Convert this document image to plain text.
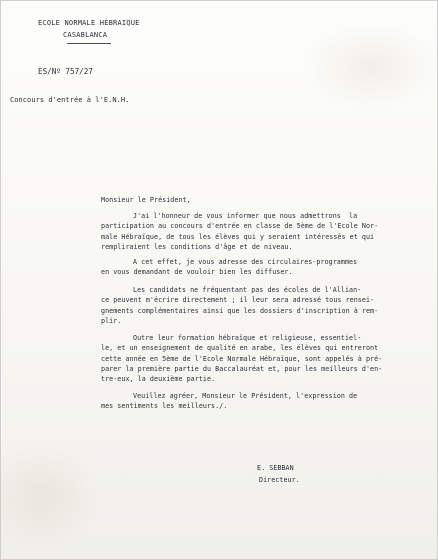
ECOLE NORMALE HÉBRAIQUE

CASABLANCA

ES/Nº 757/27

Concours d'entrée à l'E.N.H.

Monsieur le Président,

J'ai l'honneur de vous informer que nous admettrons  la
participation au concours d'entrée en classe de 5ème de l'Ecole Nor-
male Hébraïque, de tous les élèves qui y seraient intéressés et qui
rempliraient les conditions d'âge et de niveau.
A cet effet, je vous adresse des circulaires-programmes
en vous demandant de vouloir bien les diffuser.
Les candidats ne fréquentant pas des écoles de l'Allian-
ce peuvent m'écrire directement ; il leur sera adressé tous rensei-
gnements complémentaires ainsi que les dossiers d'inscription à rem-
plir.
Outre leur formation hébraïque et religieuse, essentiel-
le, et un enseignement de qualité en arabe, les élèves qui entreront
cette année en 5ème de l'Ecole Normale Hébraïque, sont appelés à pré-
parer la première partie du Baccalauréat et, pour les meilleurs d'en-
tre-eux, la deuxième partie.
Veuillez agréer, Monsieur le Président, l'expression de
mes sentiments les meilleurs./.

E. SEBBAN

Directeur.
